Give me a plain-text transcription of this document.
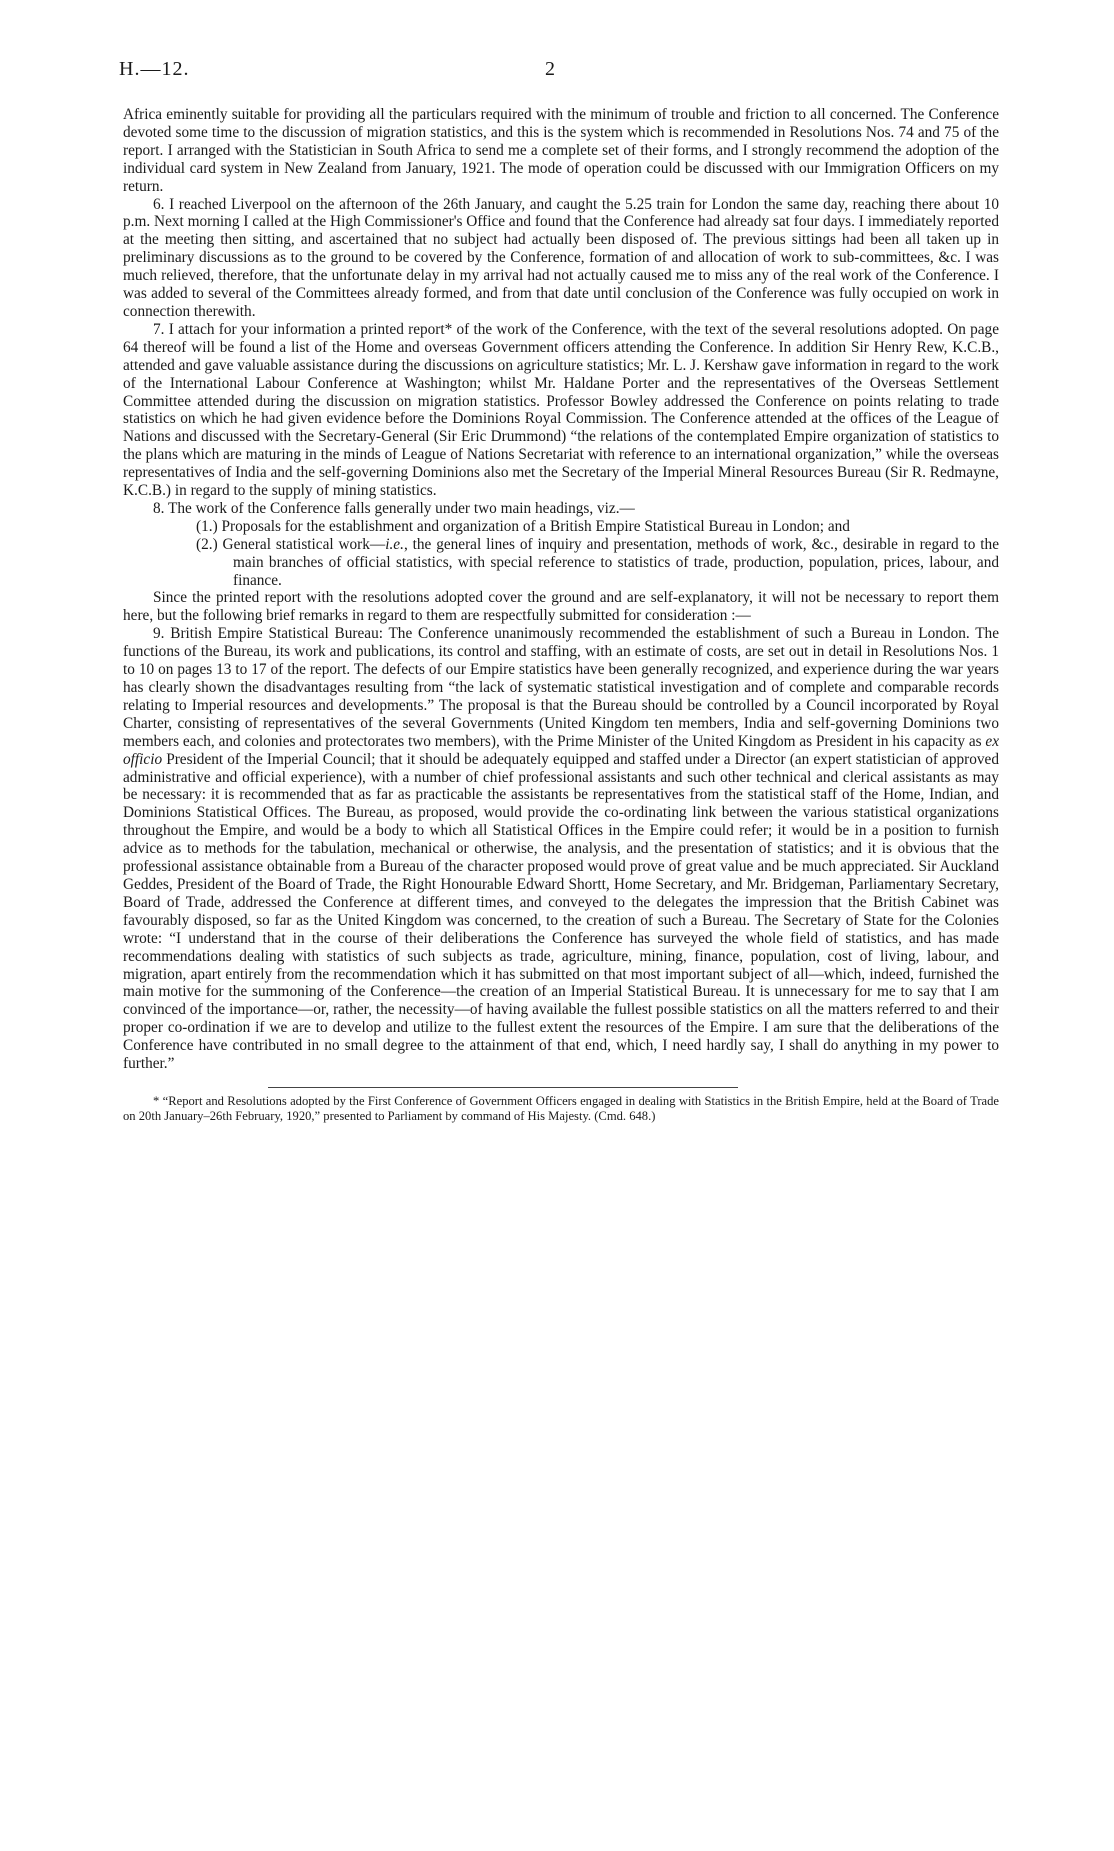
H.—12.	2

Africa eminently suitable for providing all the particulars required with the minimum of trouble and friction to all concerned. The Conference devoted some time to the discussion of migration statistics, and this is the system which is recommended in Resolutions Nos. 74 and 75 of the report. I arranged with the Statistician in South Africa to send me a complete set of their forms, and I strongly recommend the adoption of the individual card system in New Zealand from January, 1921. The mode of operation could be discussed with our Immigration Officers on my return.

6. I reached Liverpool on the afternoon of the 26th January, and caught the 5.25 train for London the same day, reaching there about 10 p.m. Next morning I called at the High Commissioner's Office and found that the Conference had already sat four days. I immediately reported at the meeting then sitting, and ascertained that no subject had actually been disposed of. The previous sittings had been all taken up in preliminary discussions as to the ground to be covered by the Conference, formation of and allocation of work to sub-committees, &c. I was much relieved, therefore, that the unfortunate delay in my arrival had not actually caused me to miss any of the real work of the Conference. I was added to several of the Committees already formed, and from that date until conclusion of the Conference was fully occupied on work in connection therewith.

7. I attach for your information a printed report* of the work of the Conference, with the text of the several resolutions adopted. On page 64 thereof will be found a list of the Home and overseas Government officers attending the Conference. In addition Sir Henry Rew, K.C.B., attended and gave valuable assistance during the discussions on agriculture statistics; Mr. L. J. Kershaw gave information in regard to the work of the International Labour Conference at Washington; whilst Mr. Haldane Porter and the representatives of the Overseas Settlement Committee attended during the discussion on migration statistics. Professor Bowley addressed the Conference on points relating to trade statistics on which he had given evidence before the Dominions Royal Commission. The Conference attended at the offices of the League of Nations and discussed with the Secretary-General (Sir Eric Drummond) “the relations of the contemplated Empire organization of statistics to the plans which are maturing in the minds of League of Nations Secretariat with reference to an international organization,” while the overseas representatives of India and the self-governing Dominions also met the Secretary of the Imperial Mineral Resources Bureau (Sir R. Redmayne, K.C.B.) in regard to the supply of mining statistics.

8. The work of the Conference falls generally under two main headings, viz.—

(1.) Proposals for the establishment and organization of a British Empire Statistical Bureau in London; and

(2.) General statistical work—i.e., the general lines of inquiry and presentation, methods of work, &c., desirable in regard to the main branches of official statistics, with special reference to statistics of trade, production, population, prices, labour, and finance.

Since the printed report with the resolutions adopted cover the ground and are self-explanatory, it will not be necessary to report them here, but the following brief remarks in regard to them are respectfully submitted for consideration :—

9. British Empire Statistical Bureau: The Conference unanimously recommended the establishment of such a Bureau in London. The functions of the Bureau, its work and publications, its control and staffing, with an estimate of costs, are set out in detail in Resolutions Nos. 1 to 10 on pages 13 to 17 of the report. The defects of our Empire statistics have been generally recognized, and experience during the war years has clearly shown the disadvantages resulting from “the lack of systematic statistical investigation and of complete and comparable records relating to Imperial resources and developments.” The proposal is that the Bureau should be controlled by a Council incorporated by Royal Charter, consisting of representatives of the several Governments (United Kingdom ten members, India and self-governing Dominions two members each, and colonies and protectorates two members), with the Prime Minister of the United Kingdom as President in his capacity as ex officio President of the Imperial Council; that it should be adequately equipped and staffed under a Director (an expert statistician of approved administrative and official experience), with a number of chief professional assistants and such other technical and clerical assistants as may be necessary: it is recommended that as far as practicable the assistants be representatives from the statistical staff of the Home, Indian, and Dominions Statistical Offices. The Bureau, as proposed, would provide the co-ordinating link between the various statistical organizations throughout the Empire, and would be a body to which all Statistical Offices in the Empire could refer; it would be in a position to furnish advice as to methods for the tabulation, mechanical or otherwise, the analysis, and the presentation of statistics; and it is obvious that the professional assistance obtainable from a Bureau of the character proposed would prove of great value and be much appreciated. Sir Auckland Geddes, President of the Board of Trade, the Right Honourable Edward Shortt, Home Secretary, and Mr. Bridgeman, Parliamentary Secretary, Board of Trade, addressed the Conference at different times, and conveyed to the delegates the impression that the British Cabinet was favourably disposed, so far as the United Kingdom was concerned, to the creation of such a Bureau. The Secretary of State for the Colonies wrote: “I understand that in the course of their deliberations the Conference has surveyed the whole field of statistics, and has made recommendations dealing with statistics of such subjects as trade, agriculture, mining, finance, population, cost of living, labour, and migration, apart entirely from the recommendation which it has submitted on that most important subject of all—which, indeed, furnished the main motive for the summoning of the Conference—the creation of an Imperial Statistical Bureau. It is unnecessary for me to say that I am convinced of the importance—or, rather, the necessity—of having available the fullest possible statistics on all the matters referred to and their proper co-ordination if we are to develop and utilize to the fullest extent the resources of the Empire. I am sure that the deliberations of the Conference have contributed in no small degree to the attainment of that end, which, I need hardly say, I shall do anything in my power to further.”

* “Report and Resolutions adopted by the First Conference of Government Officers engaged in dealing with Statistics in the British Empire, held at the Board of Trade on 20th January–26th February, 1920,” presented to Parliament by command of His Majesty. (Cmd. 648.)
